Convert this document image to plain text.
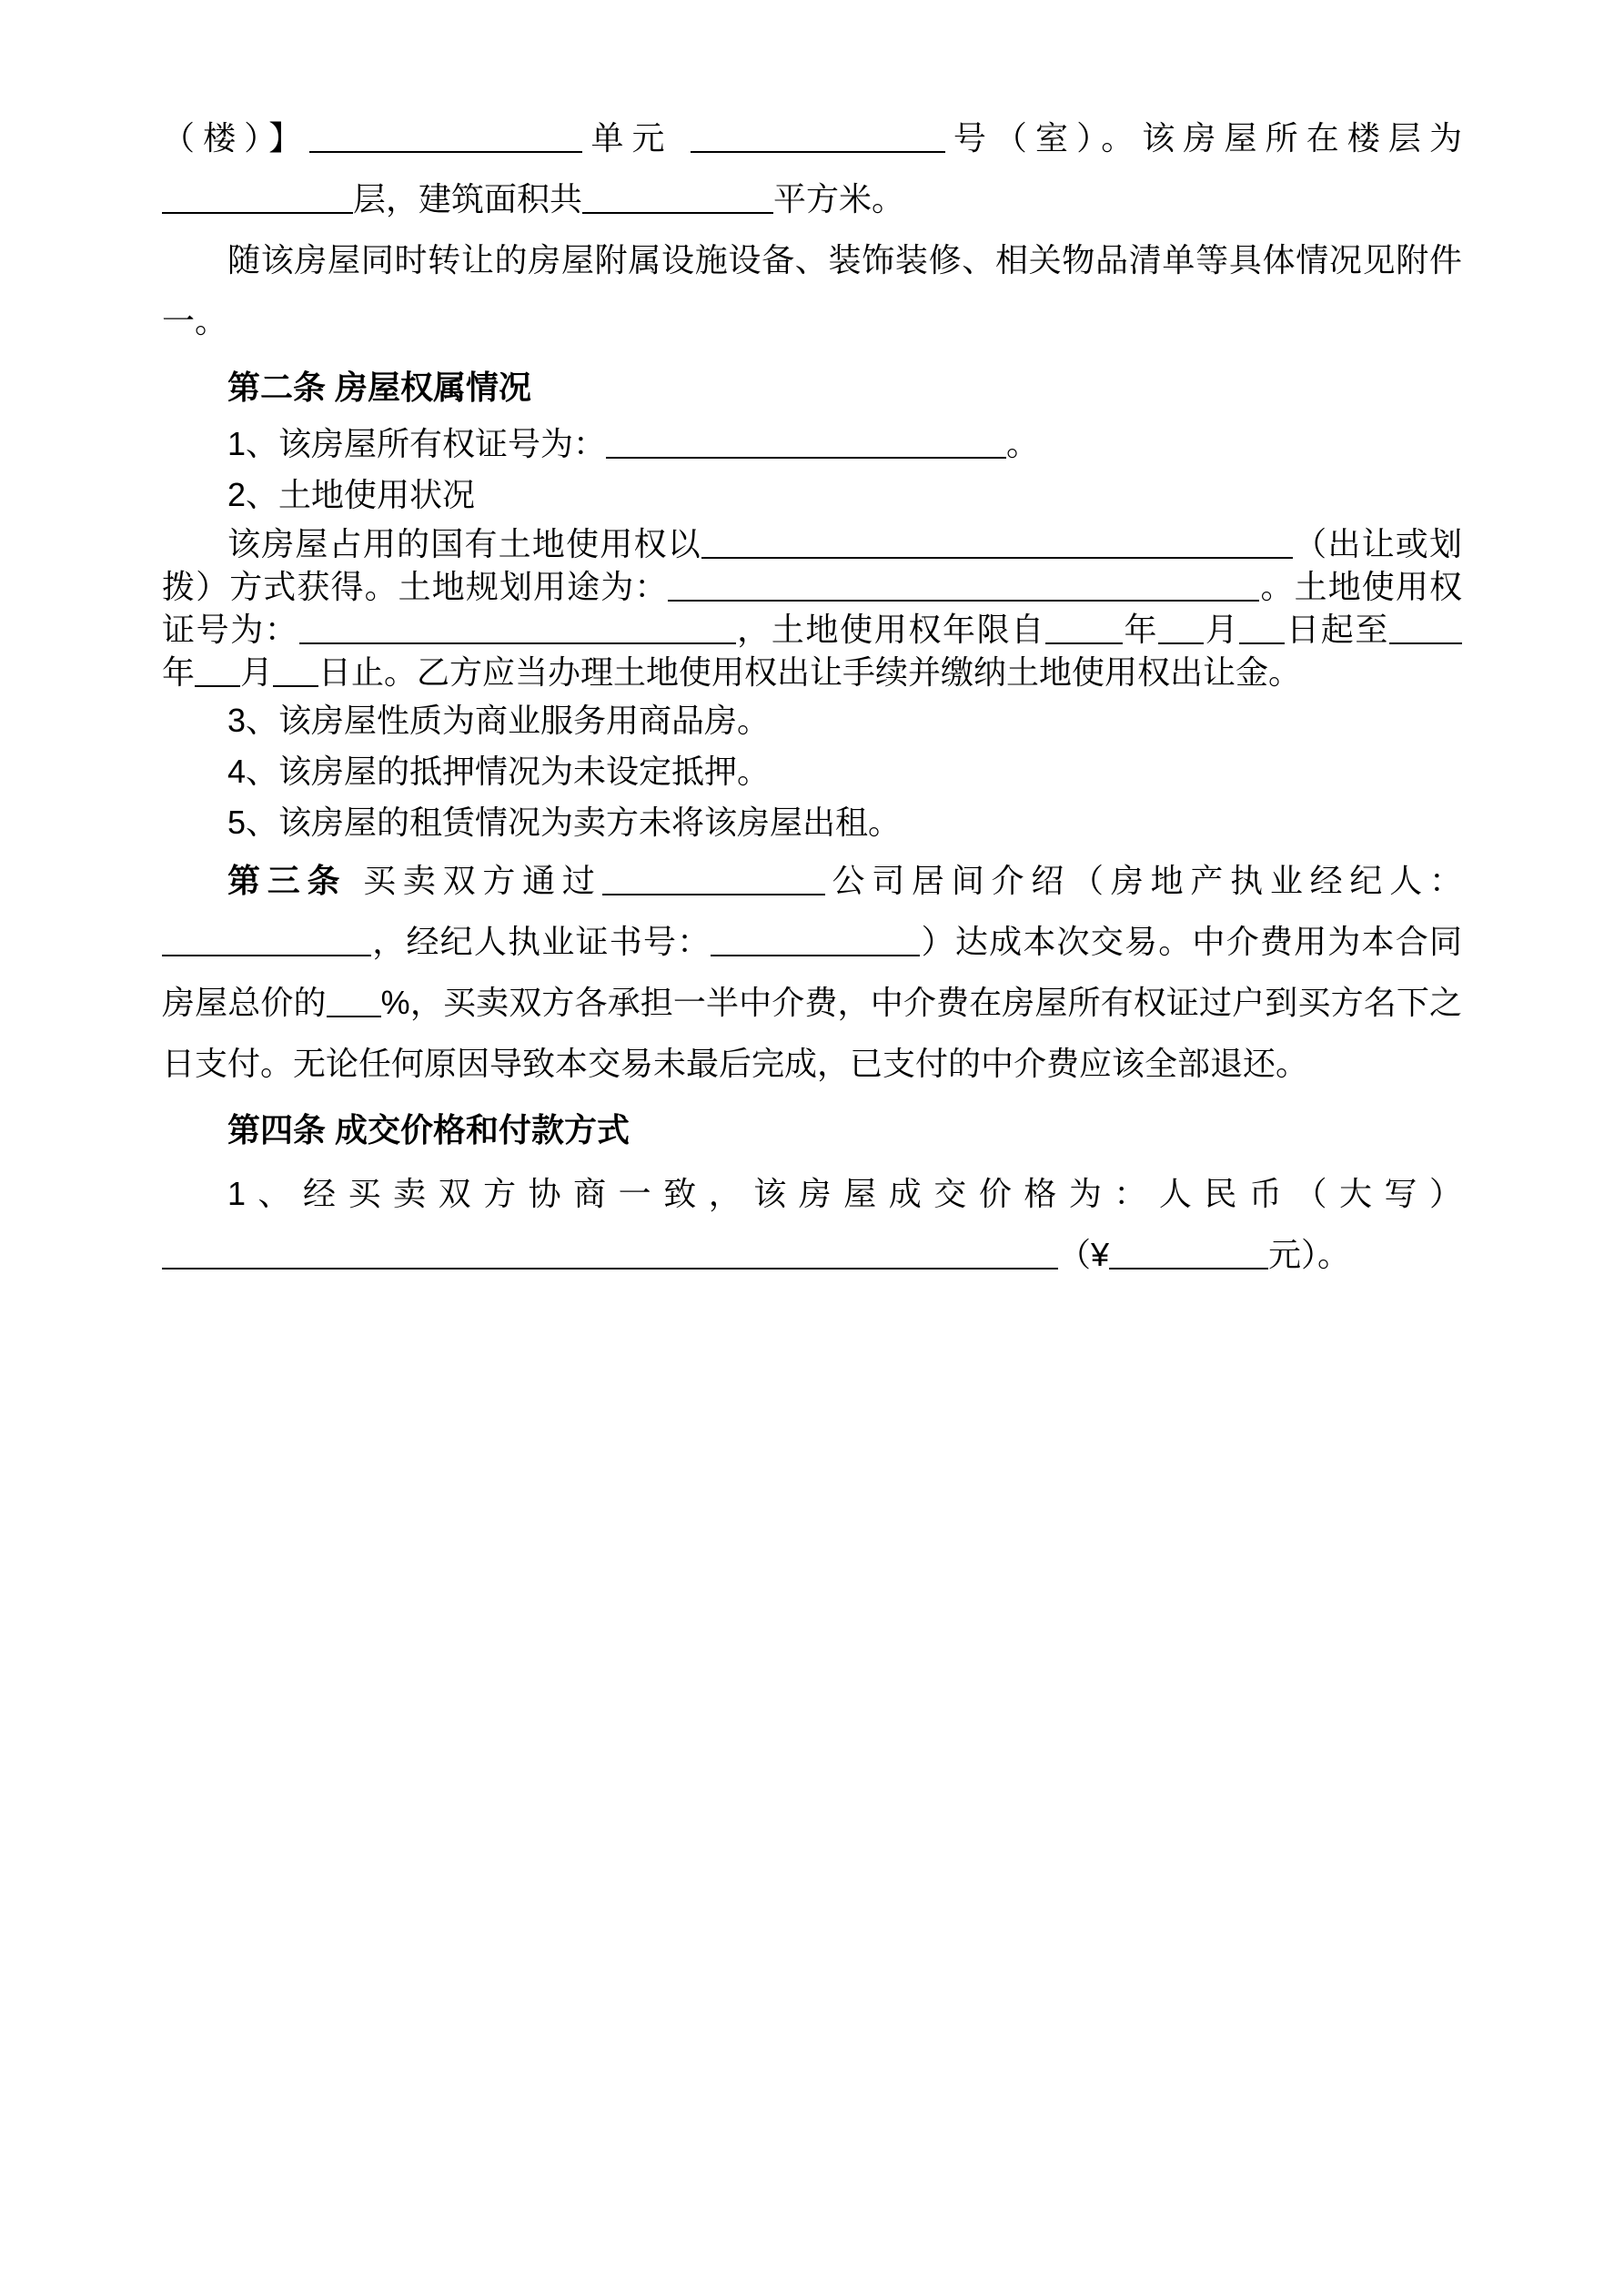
（楼）】	单元	号（室）。该房屋所在楼层为层，建筑面积共	平方米。

随该房屋同时转让的房屋附属设施设备、装饰装修、相关物品清单等具体情况见附件一。

第二条 房屋权属情况

1、该房屋所有权证号为：	。

2、土地使用状况

该房屋占用的国有土地使用权以	（出让或划拨）方式获得。土地规划用途为：	。土地使用权证号为：	，土地使用权年限自 年 月 日起至年 月 日止。乙方应当办理土地使用权出让手续并缴纳土地使用权出让金。

3、该房屋性质为商业服务用商品房。

4、该房屋的抵押情况为未设定抵押。

5、该房屋的租赁情况为卖方未将该房屋出租。

第三条 买卖双方通过	公司居间介绍（房地产执业经纪人：，经纪人执业证书号：	）达成本次交易。中介费用为本合同房屋总价的 %，买卖双方各承担一半中介费，中介费在房屋所有权证过户到买方名下之日支付。无论任何原因导致本交易未最后完成，已支付的中介费应该全部退还。

第四条 成交价格和付款方式

1、经买卖双方协商一致，该房屋成交价格为：人民币（大写）（¥	元）。
